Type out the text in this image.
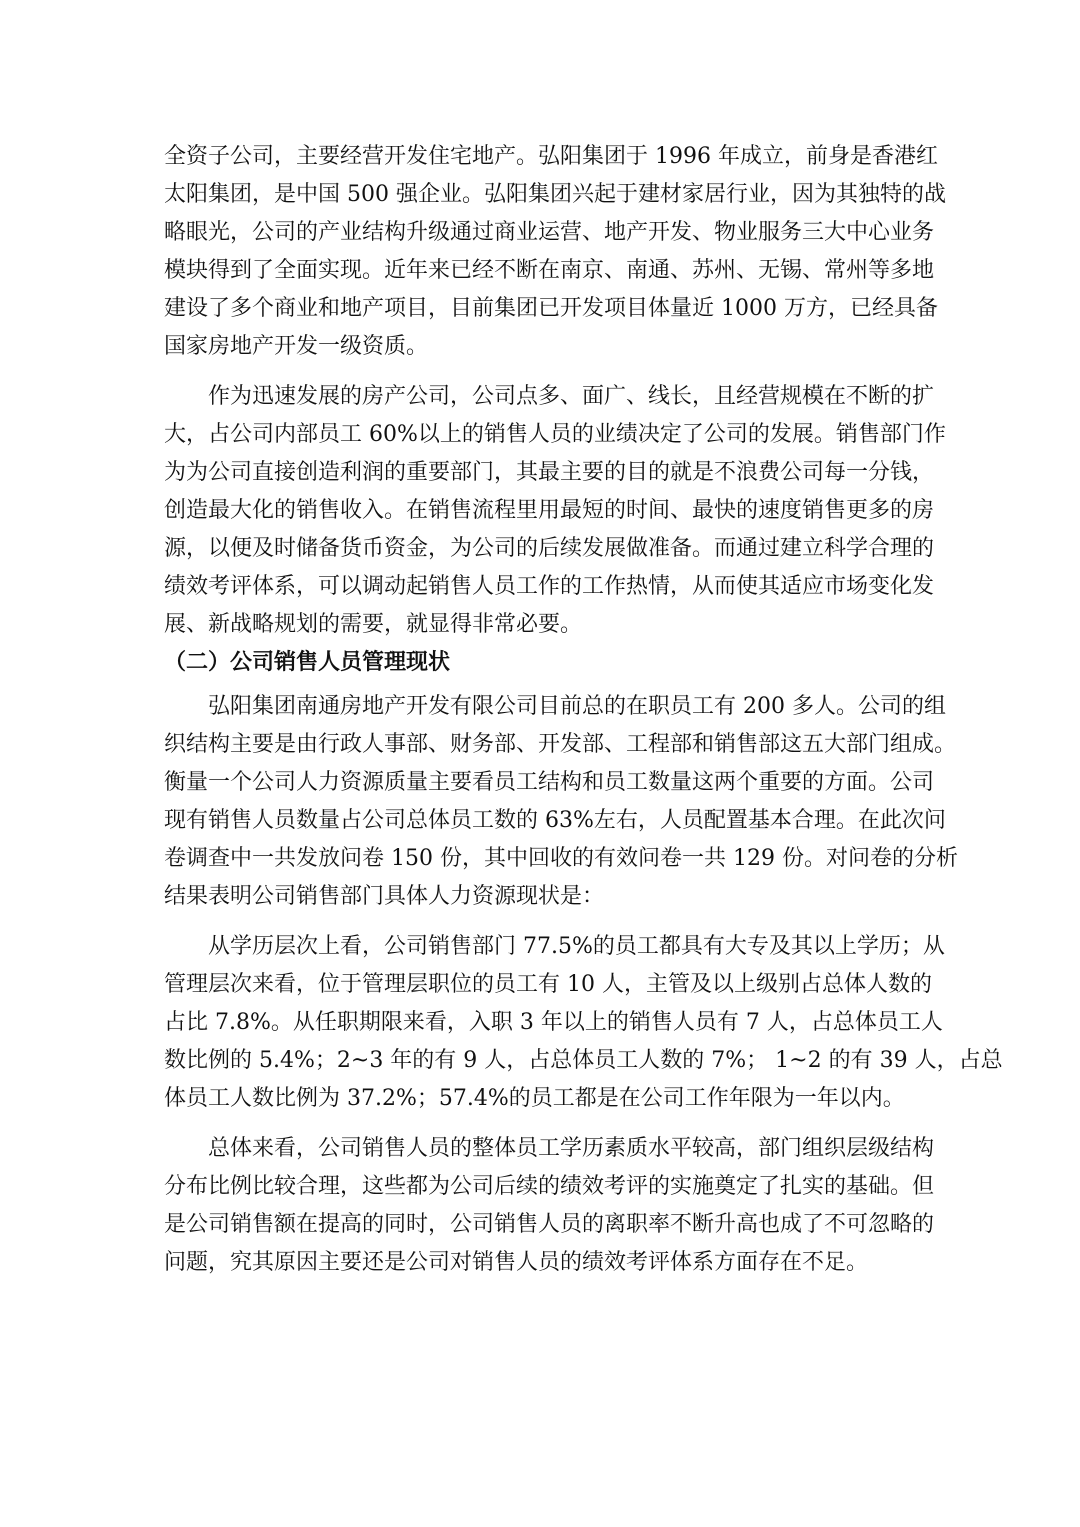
全资子公司，主要经营开发住宅地产。弘阳集团于 1996 年成立，前身是香港红
太阳集团，是中国 500 强企业。弘阳集团兴起于建材家居行业，因为其独特的战
略眼光，公司的产业结构升级通过商业运营、地产开发、物业服务三大中心业务
模块得到了全面实现。近年来已经不断在南京、南通、苏州、无锡、常州等多地
建设了多个商业和地产项目，目前集团已开发项目体量近 1000 万方，已经具备
国家房地产开发一级资质。
作为迅速发展的房产公司，公司点多、面广、线长，且经营规模在不断的扩
大，占公司内部员工 60%以上的销售人员的业绩决定了公司的发展。销售部门作
为为公司直接创造利润的重要部门，其最主要的目的就是不浪费公司每一分钱，
创造最大化的销售收入。在销售流程里用最短的时间、最快的速度销售更多的房
源，以便及时储备货币资金，为公司的后续发展做准备。而通过建立科学合理的
绩效考评体系，可以调动起销售人员工作的工作热情，从而使其适应市场变化发
展、新战略规划的需要，就显得非常必要。
（二）公司销售人员管理现状
弘阳集团南通房地产开发有限公司目前总的在职员工有 200 多人。公司的组
织结构主要是由行政人事部、财务部、开发部、工程部和销售部这五大部门组成。
衡量一个公司人力资源质量主要看员工结构和员工数量这两个重要的方面。公司
现有销售人员数量占公司总体员工数的 63%左右，人员配置基本合理。在此次问
卷调查中一共发放问卷 150 份，其中回收的有效问卷一共 129 份。对问卷的分析
结果表明公司销售部门具体人力资源现状是：
从学历层次上看，公司销售部门 77.5%的员工都具有大专及其以上学历；从
管理层次来看，位于管理层职位的员工有 10 人，主管及以上级别占总体人数的
占比 7.8%。从任职期限来看，入职 3 年以上的销售人员有 7 人，占总体员工人
数比例的 5.4%；2~3 年的有 9 人，占总体员工人数的 7%； 1~2 的有 39 人，占总
体员工人数比例为 37.2%；57.4%的员工都是在公司工作年限为一年以内。
总体来看，公司销售人员的整体员工学历素质水平较高，部门组织层级结构
分布比例比较合理，这些都为公司后续的绩效考评的实施奠定了扎实的基础。但
是公司销售额在提高的同时，公司销售人员的离职率不断升高也成了不可忽略的
问题，究其原因主要还是公司对销售人员的绩效考评体系方面存在不足。
